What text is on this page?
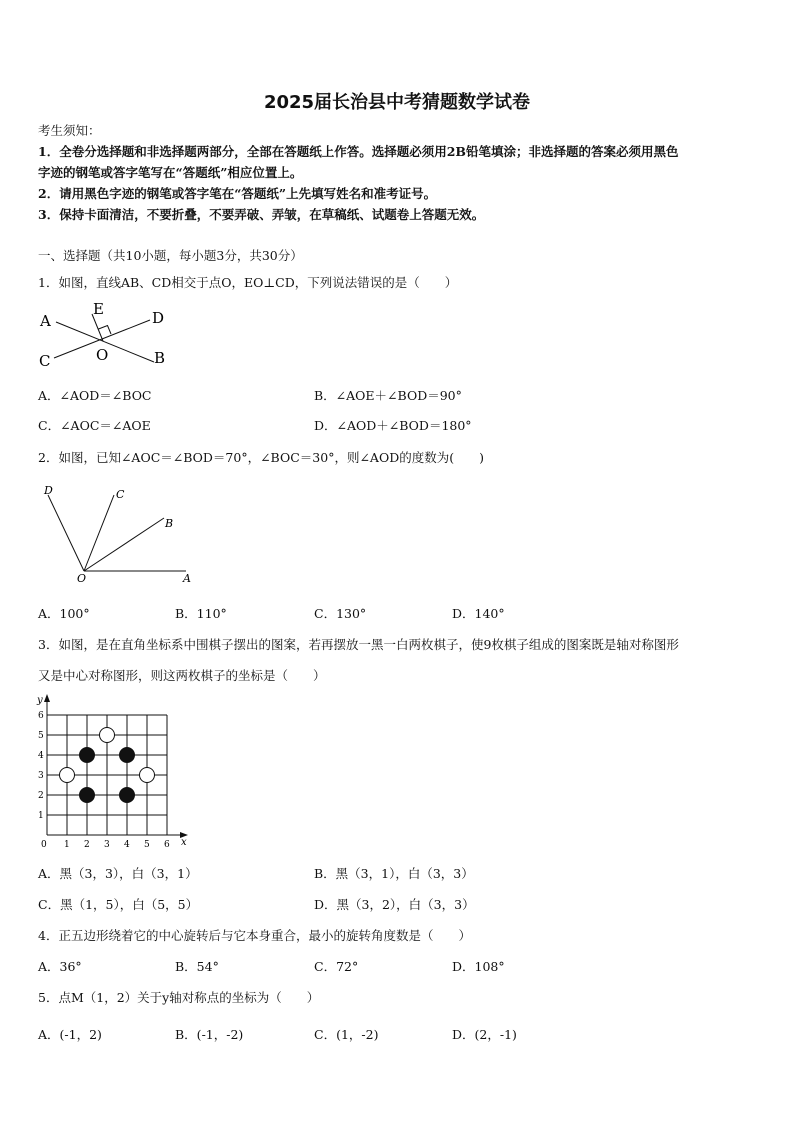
2025届长治县中考猜题数学试卷
考生须知：
1．全卷分选择题和非选择题两部分，全部在答题纸上作答。选择题必须用2B铅笔填涂；非选择题的答案必须用黑色
字迹的钢笔或答字笔写在“答题纸”相应位置上。
2．请用黑色字迹的钢笔或答字笔在“答题纸”上先填写姓名和准考证号。
3．保持卡面清洁，不要折叠，不要弄破、弄皱，在草稿纸、试题卷上答题无效。
一、选择题（共10小题，每小题3分，共30分）
1．如图，直线AB、CD相交于点O，EO⊥CD，下列说法错误的是（　　）
A
B
C
D
E
O
A．∠AOD＝∠BOC	B．∠AOE＋∠BOD＝90°
C．∠AOC＝∠AOE	D．∠AOD＋∠BOD＝180°
2．如图，已知∠AOC＝∠BOD＝70°，∠BOC＝30°，则∠AOD的度数为(　　)
A
B
C
D
O
A．100°	B．110°	C．130°	D．140°
3．如图，是在直角坐标系中围棋子摆出的图案，若再摆放一黑一白两枚棋子，使9枚棋子组成的图案既是轴对称图形
又是中心对称图形，则这两枚棋子的坐标是（　　）
x
y
0 1 2 3 4 5 6
1
2
3
4
5
6
A．黑（3，3），白（3，1）	B．黑（3，1），白（3，3）
C．黑（1，5），白（5，5）	D．黑（3，2），白（3，3）
4．正五边形绕着它的中心旋转后与它本身重合，最小的旋转角度数是（　　）
A．36°	B．54°	C．72°	D．108°
5．点M（1，2）关于y轴对称点的坐标为（　　）
A．(-1，2)	B．(-1，-2)	C．(1，-2)	D．(2，-1)
